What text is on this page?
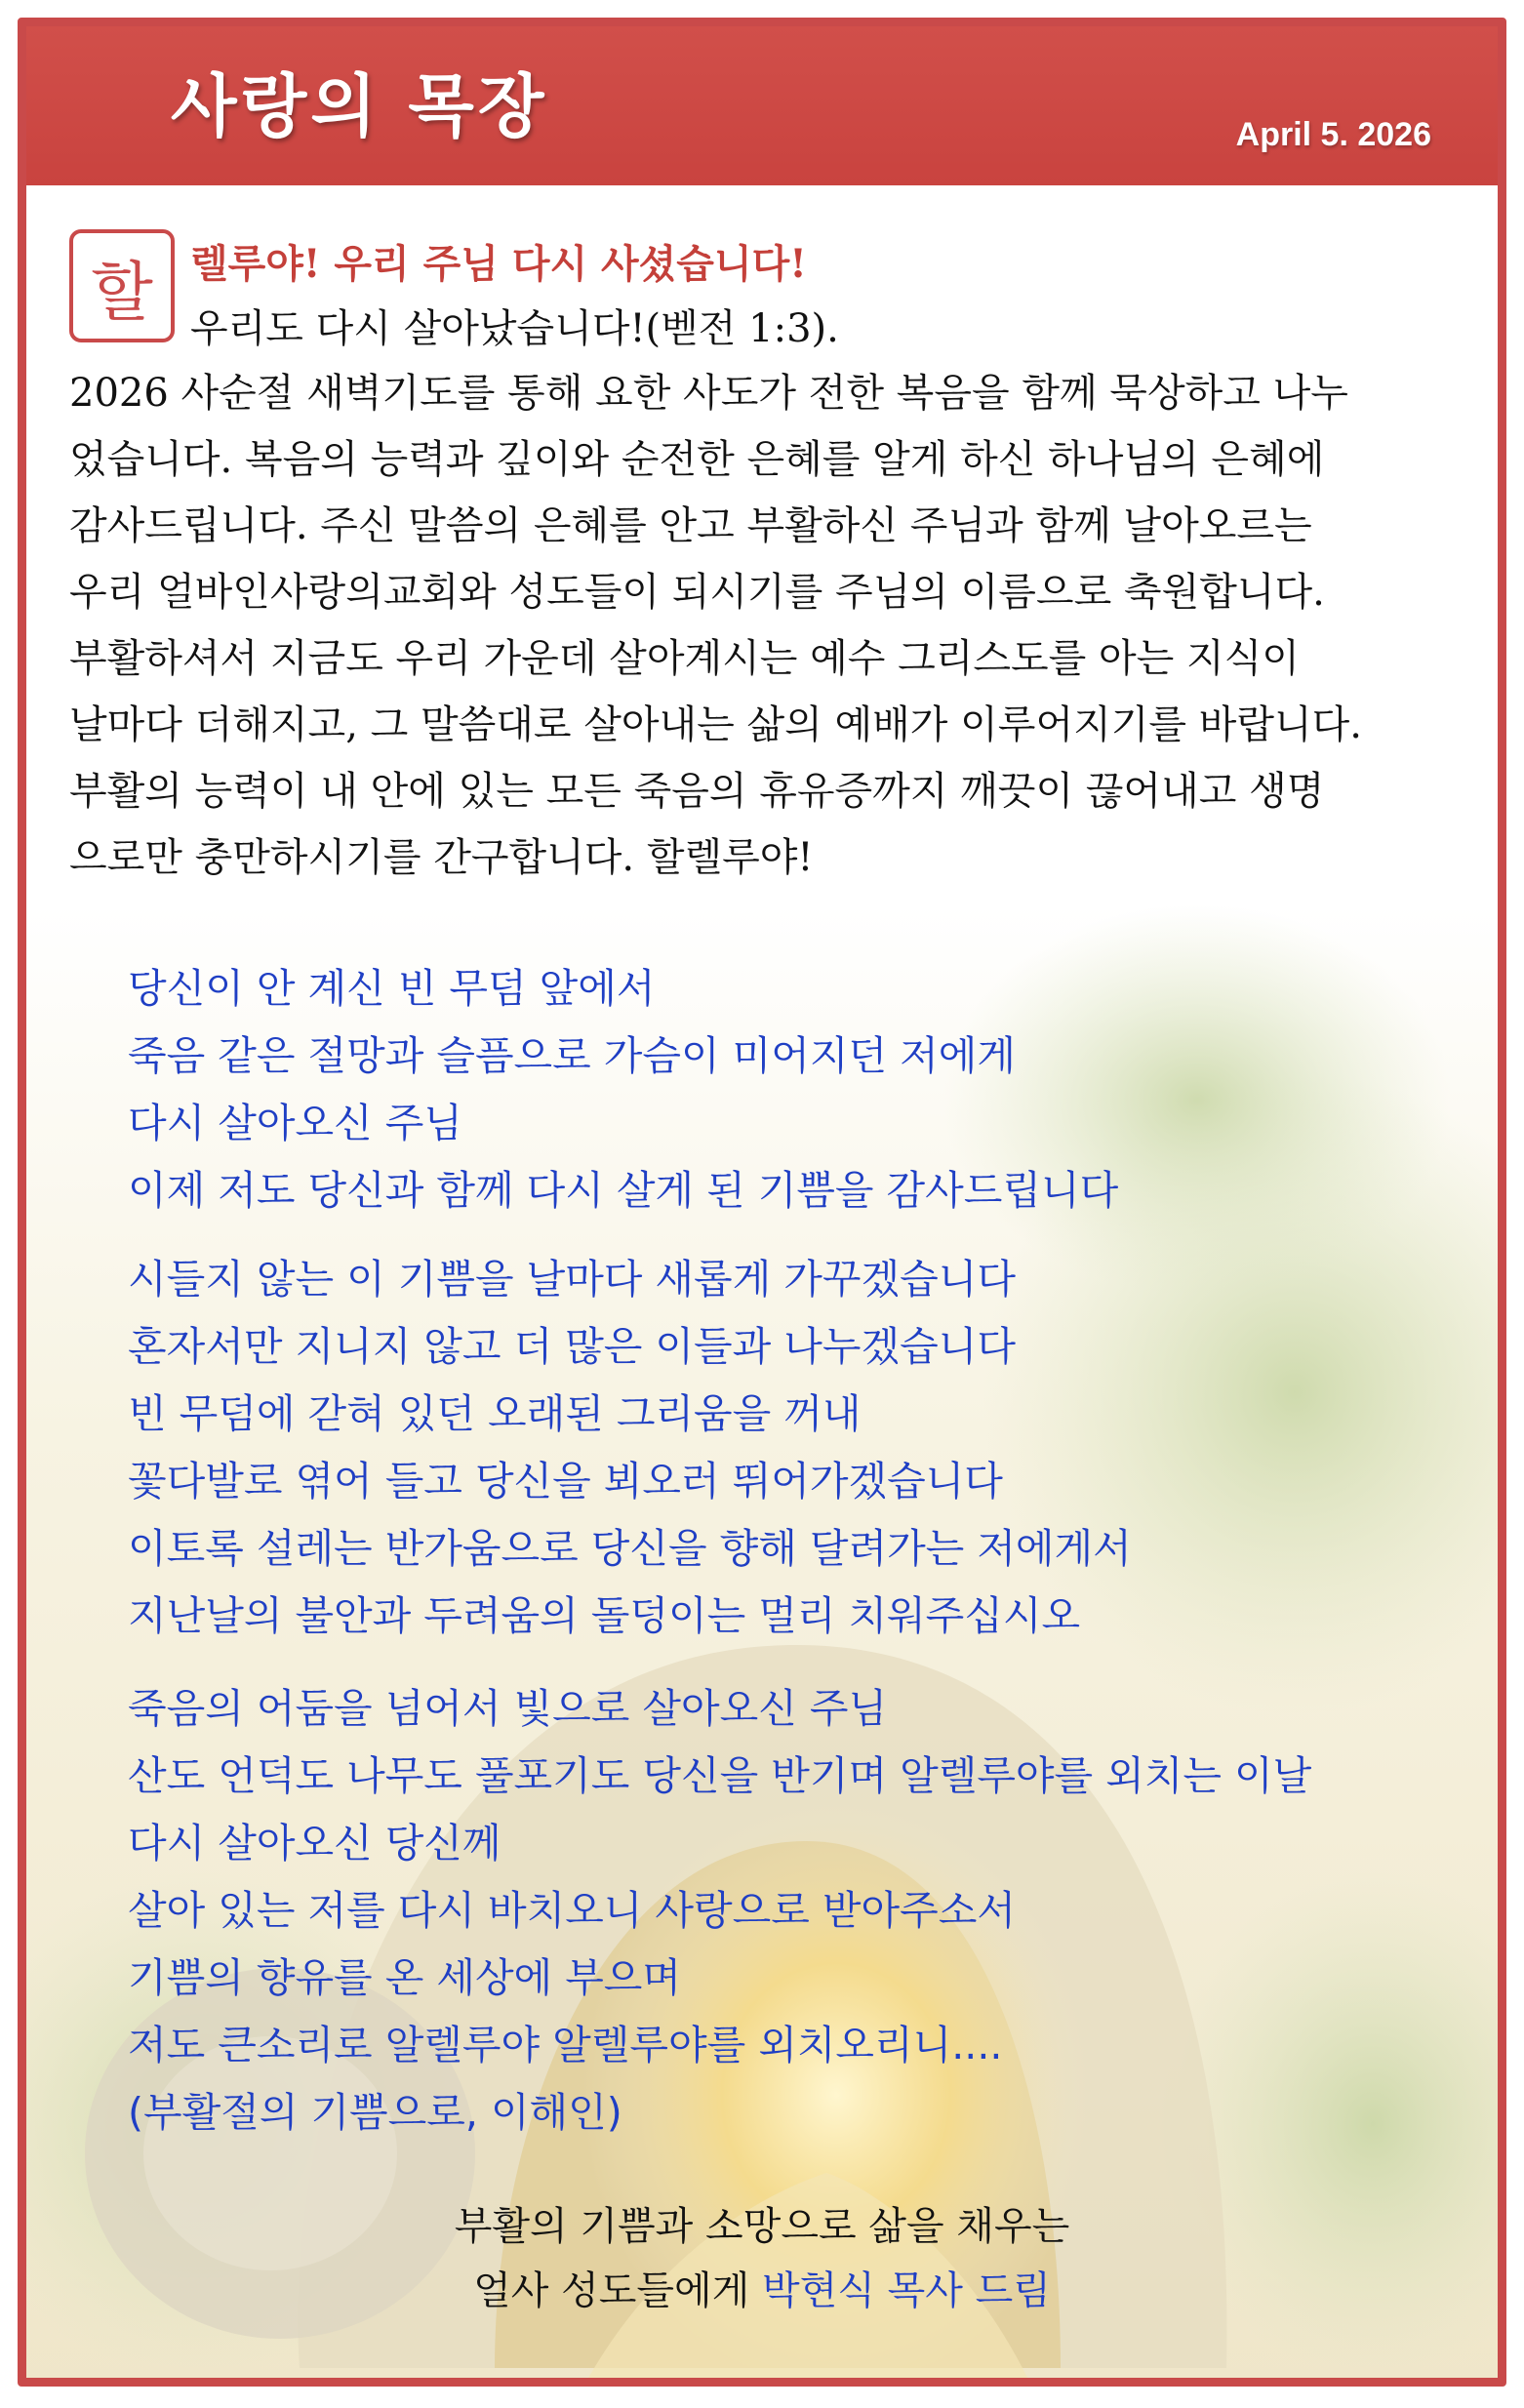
사랑의 목장	April 5. 2026
할 렐루야! 우리 주님 다시 사셨습니다!
우리도 다시 살아났습니다!(벧전 1:3).
2026 사순절 새벽기도를 통해 요한 사도가 전한 복음을 함께 묵상하고 나누
었습니다. 복음의 능력과 깊이와 순전한 은혜를 알게 하신 하나님의 은혜에
감사드립니다. 주신 말씀의 은혜를 안고 부활하신 주님과 함께 날아오르는
우리 얼바인사랑의교회와 성도들이 되시기를 주님의 이름으로 축원합니다.
부활하셔서 지금도 우리 가운데 살아계시는 예수 그리스도를 아는 지식이
날마다 더해지고, 그 말씀대로 살아내는 삶의 예배가 이루어지기를 바랍니다.
부활의 능력이 내 안에 있는 모든 죽음의 휴유증까지 깨끗이 끊어내고 생명
으로만 충만하시기를 간구합니다. 할렐루야!
당신이 안 계신 빈 무덤 앞에서
죽음 같은 절망과 슬픔으로 가슴이 미어지던 저에게
다시 살아오신 주님
이제 저도 당신과 함께 다시 살게 된 기쁨을 감사드립니다
시들지 않는 이 기쁨을 날마다 새롭게 가꾸겠습니다
혼자서만 지니지 않고 더 많은 이들과 나누겠습니다
빈 무덤에 갇혀 있던 오래된 그리움을 꺼내
꽃다발로 엮어 들고 당신을 뵈오러 뛰어가겠습니다
이토록 설레는 반가움으로 당신을 향해 달려가는 저에게서
지난날의 불안과 두려움의 돌덩이는 멀리 치워주십시오
죽음의 어둠을 넘어서 빛으로 살아오신 주님
산도 언덕도 나무도 풀포기도 당신을 반기며 알렐루야를 외치는 이날
다시 살아오신 당신께
살아 있는 저를 다시 바치오니 사랑으로 받아주소서
기쁨의 향유를 온 세상에 부으며
저도 큰소리로 알렐루야 알렐루야를 외치오리니....
(부활절의 기쁨으로, 이해인)
부활의 기쁨과 소망으로 삶을 채우는
얼사 성도들에게 박현식 목사 드림
